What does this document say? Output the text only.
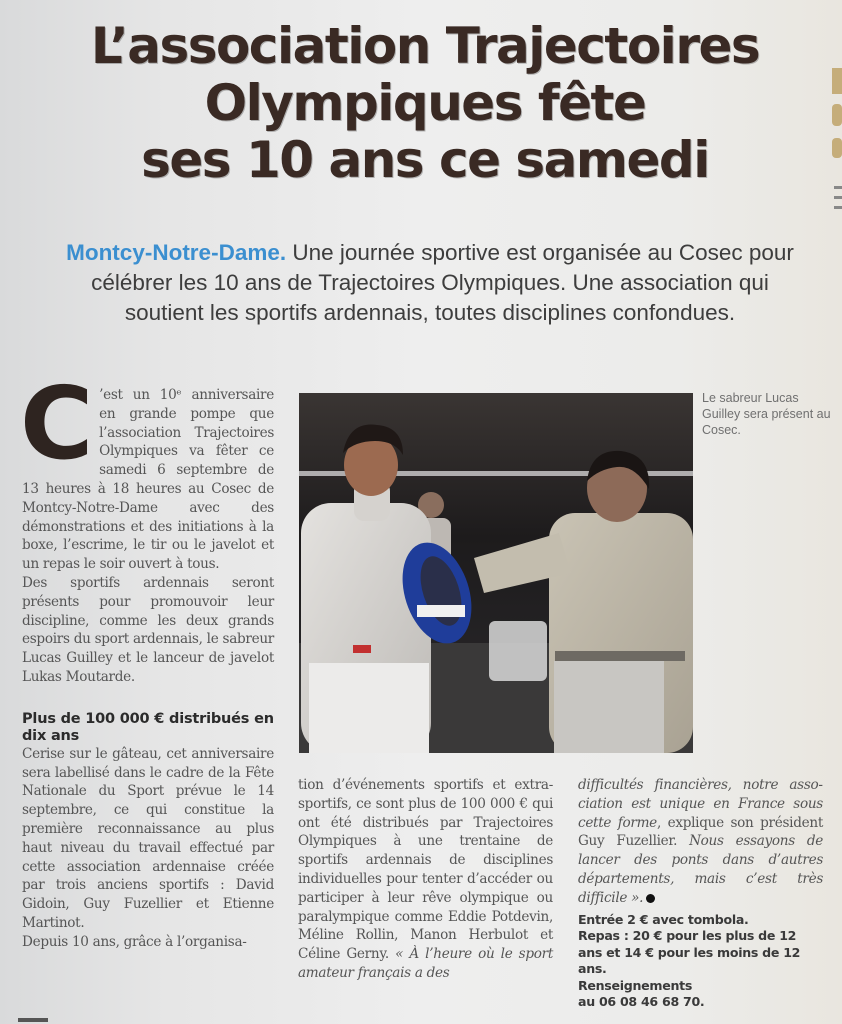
L’association Trajectoires
Olympiques fête
ses 10 ans ce samedi
Montcy-Notre-Dame. Une journée sportive est organisée au Cosec pour célébrer les 10 ans de Trajectoires Olympiques. Une association qui soutient les sportifs ardennais, toutes disciplines confondues.
C ’est un 10ᵉ anniversaire en grande pompe que l’association Trajectoires Olympiques va fêter ce samedi 6 septembre de 13 heures à 18 heures au Cosec de Montcy-Notre-Dame avec des démonstrations et des initiations à la boxe, l’escrime, le tir ou le javelot et un repas le soir ouvert à tous.
Des sportifs ardennais seront présents pour promouvoir leur discipline, comme les deux grands espoirs du sport ardennais, le sabreur Lucas Guilley et le lanceur de javelot Lukas Moutarde.
Plus de 100 000 € distribués en dix ans
Cerise sur le gâteau, cet anniversaire sera labellisé dans le cadre de la Fête Nationale du Sport prévue le 14 septembre, ce qui constitue la première reconnaissance au plus haut niveau du travail effectué par cette association ardennaise créée par trois anciens sportifs : David Gidoin, Guy Fuzellier et Etienne Martinot.
Depuis 10 ans, grâce à l’organisa-
Le sabreur Lucas Guilley sera présent au Cosec.
tion d’événements sportifs et extra-sportifs, ce sont plus de 100 000 € qui ont été distribués par Trajectoires Olympiques à une trentaine de sportifs ardennais de disciplines individuelles pour tenter d’accéder ou participer à leur rêve olympique ou paralympique comme Eddie Potdevin, Méline Rollin, Manon Herbulot et Céline Gerny. « À l’heure où le sport amateur français a des
difficultés financières, notre association est unique en France sous cette forme, explique son président Guy Fuzellier. Nous essayons de lancer des ponts dans d’autres départements, mais c’est très difficile ».
Entrée 2 € avec tombola.
Repas : 20 € pour les plus de 12 ans et 14 € pour les moins de 12 ans.
Renseignements
au 06 08 46 68 70.
